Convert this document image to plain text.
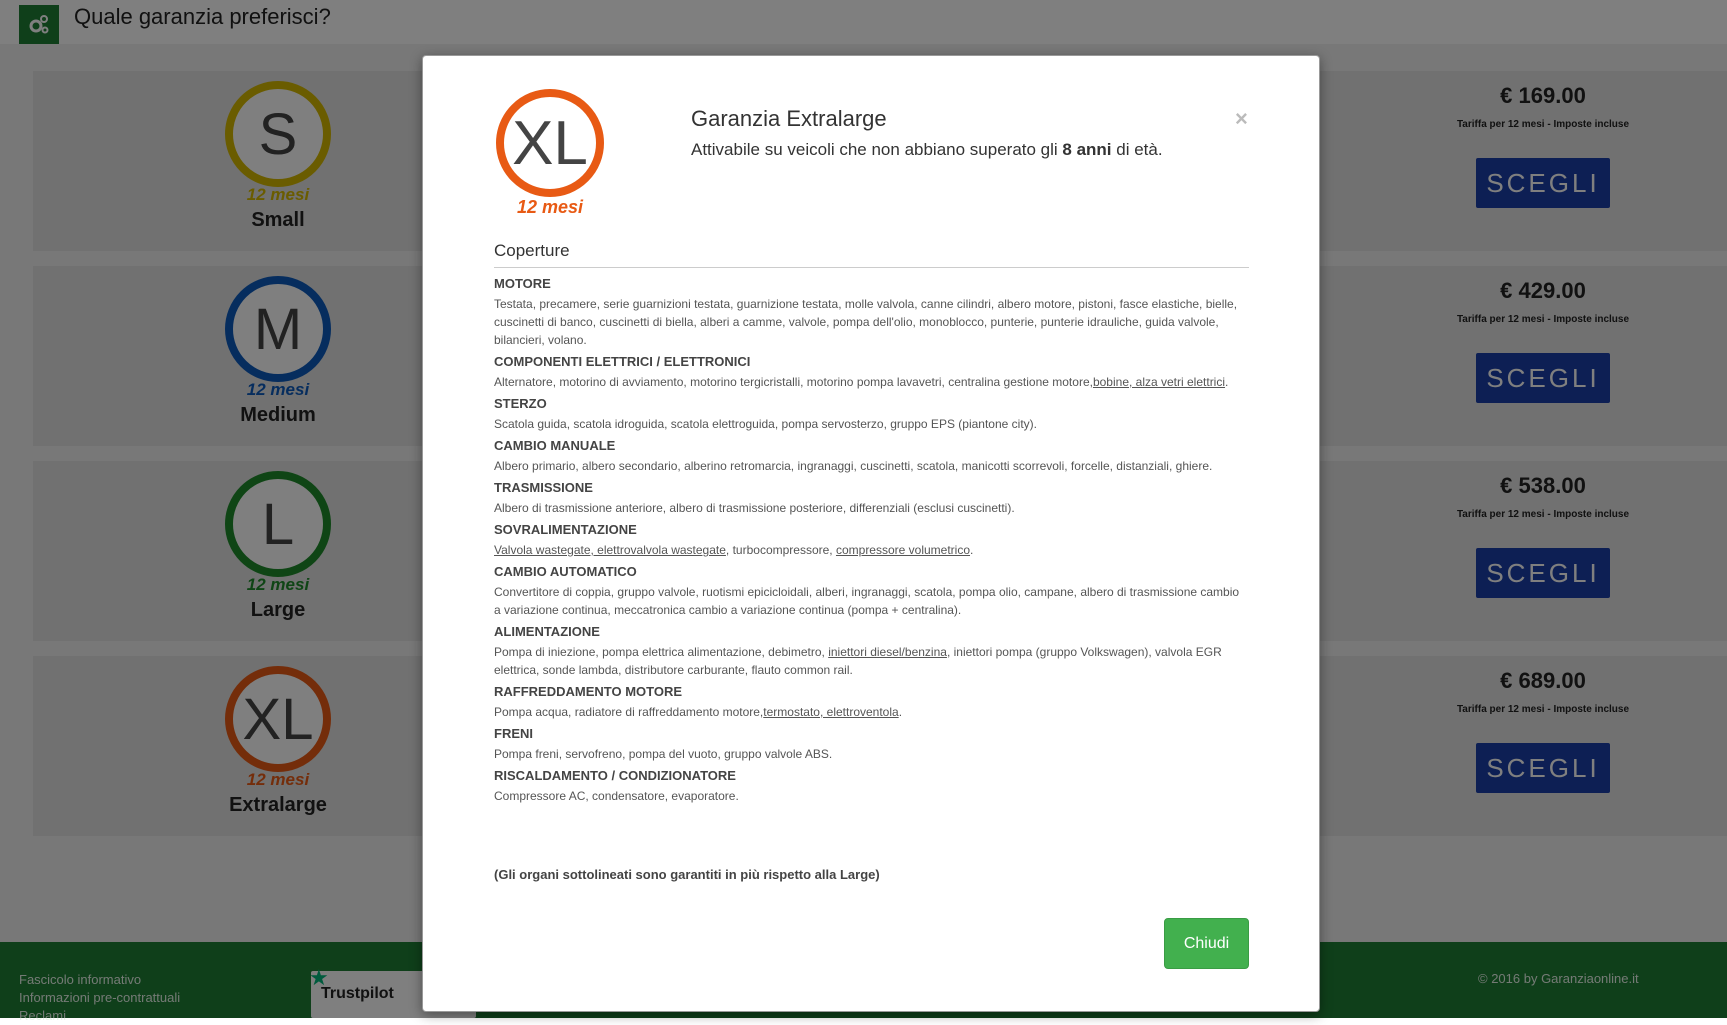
XL
12 mesi
Garanzia Extralarge
Attivabile su veicoli che non abbiano superato gli 8 anni di età.
×
Coperture
MOTORE
Testata, precamere, serie guarnizioni testata, guarnizione testata, molle valvola, canne cilindri, albero motore, pistoni, fasce elastiche, bielle, cuscinetti di banco, cuscinetti di biella, alberi a camme, valvole, pompa dell'olio, monoblocco, punterie, punterie idrauliche, guida valvole, bilancieri, volano.
COMPONENTI ELETTRICI / ELETTRONICI
Alternatore, motorino di avviamento, motorino tergicristalli, motorino pompa lavavetri, centralina gestione motore,bobine, alza vetri elettrici.
STERZO
Scatola guida, scatola idroguida, scatola elettroguida, pompa servosterzo, gruppo EPS (piantone city).
CAMBIO MANUALE
Albero primario, albero secondario, alberino retromarcia, ingranaggi, cuscinetti, scatola, manicotti scorrevoli, forcelle, distanziali, ghiere.
TRASMISSIONE
Albero di trasmissione anteriore, albero di trasmissione posteriore, differenziali (esclusi cuscinetti).
SOVRALIMENTAZIONE
Valvola wastegate, elettrovalvola wastegate, turbocompressore, compressore volumetrico.
CAMBIO AUTOMATICO
Convertitore di coppia, gruppo valvole, ruotismi epicicloidali, alberi, ingranaggi, scatola, pompa olio, campane, albero di trasmissione cambio a variazione continua, meccatronica cambio a variazione continua (pompa + centralina).
ALIMENTAZIONE
Pompa di iniezione, pompa elettrica alimentazione, debimetro, iniettori diesel/benzina, iniettori pompa (gruppo Volkswagen), valvola EGR elettrica, sonde lambda, distributore carburante, flauto common rail.
RAFFREDDAMENTO MOTORE
Pompa acqua, radiatore di raffreddamento motore,termostato, elettroventola.
FRENI
Pompa freni, servofreno, pompa del vuoto, gruppo valvole ABS.
RISCALDAMENTO / CONDIZIONATORE
Compressore AC, condensatore, evaporatore.
(Gli organi sottolineati sono garantiti in più rispetto alla Large)
Chiudi
